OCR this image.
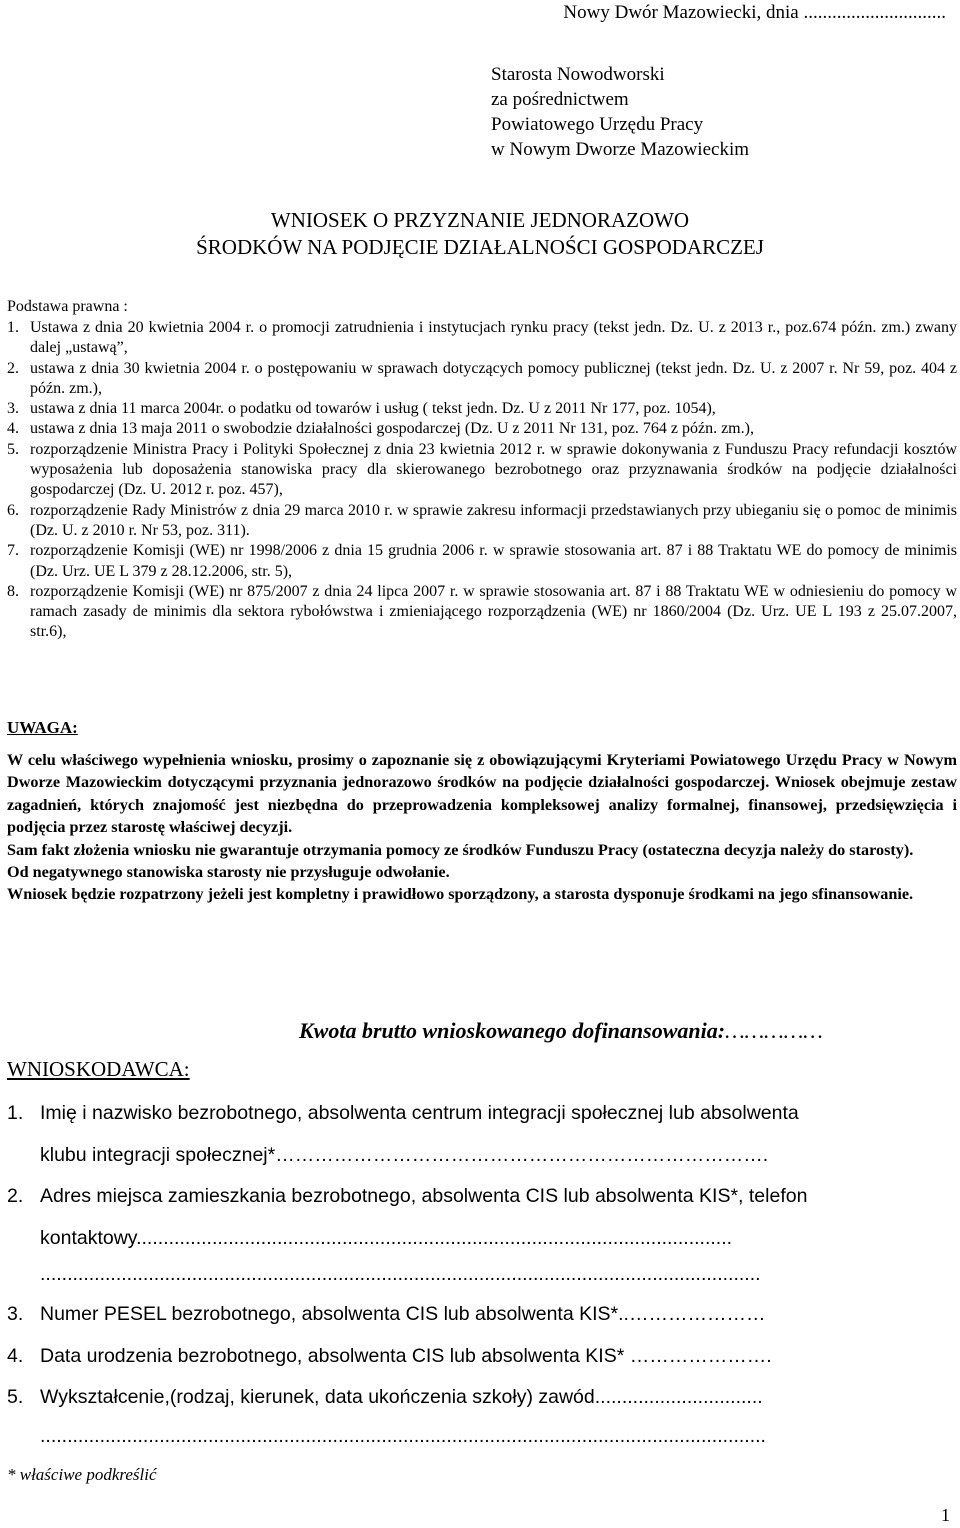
Nowy Dwór Mazowiecki, dnia ..............................
Starosta Nowodworski
za pośrednictwem
Powiatowego Urzędu Pracy
w Nowym Dworze Mazowieckim
WNIOSEK O PRZYZNANIE JEDNORAZOWO
ŚRODKÓW NA PODJĘCIE DZIAŁALNOŚCI GOSPODARCZEJ
Podstawa prawna :
1. Ustawa z dnia 20 kwietnia 2004 r. o promocji zatrudnienia i instytucjach rynku pracy (tekst jedn. Dz. U. z 2013 r., poz.674 późn. zm.) zwany dalej „ustawą”,
2. ustawa z dnia 30 kwietnia 2004 r. o postępowaniu w sprawach dotyczących pomocy publicznej (tekst jedn. Dz. U. z 2007 r. Nr 59, poz. 404 z późn. zm.),
3. ustawa z dnia 11 marca 2004r. o podatku od towarów i usług ( tekst jedn. Dz. U z 2011 Nr 177, poz. 1054),
4. ustawa z dnia 13 maja 2011 o swobodzie działalności gospodarczej (Dz. U z 2011 Nr 131, poz. 764 z późn. zm.),
5. rozporządzenie Ministra Pracy i Polityki Społecznej z dnia 23 kwietnia 2012 r. w sprawie dokonywania z Funduszu Pracy refundacji kosztów wyposażenia lub doposażenia stanowiska pracy dla skierowanego bezrobotnego oraz przyznawania środków na podjęcie działalności gospodarczej (Dz. U. 2012 r. poz. 457),
6. rozporządzenie Rady Ministrów z dnia 29 marca 2010 r. w sprawie zakresu informacji przedstawianych przy ubieganiu się o pomoc de minimis (Dz. U. z 2010 r. Nr 53, poz. 311).
7. rozporządzenie Komisji (WE) nr 1998/2006 z dnia 15 grudnia 2006 r. w sprawie stosowania art. 87 i 88 Traktatu WE do pomocy de minimis (Dz. Urz. UE L 379 z 28.12.2006, str. 5),
8. rozporządzenie Komisji (WE) nr 875/2007 z dnia 24 lipca 2007 r. w sprawie stosowania art. 87 i 88 Traktatu WE w odniesieniu do pomocy w ramach zasady de minimis dla sektora rybołówstwa i zmieniającego rozporządzenia (WE) nr 1860/2004 (Dz. Urz. UE L 193 z 25.07.2007, str.6),
UWAGA:

W celu właściwego wypełnienia wniosku, prosimy o zapoznanie się z obowiązującymi Kryteriami Powiatowego Urzędu Pracy w Nowym Dworze Mazowieckim dotyczącymi przyznania jednorazowo środków na podjęcie działalności gospodarczej. Wniosek obejmuje zestaw zagadnień, których znajomość jest niezbędna do przeprowadzenia kompleksowej analizy formalnej, finansowej, przedsięwzięcia i podjęcia przez starostę właściwej decyzji.

Sam fakt złożenia wniosku nie gwarantuje otrzymania pomocy ze środków Funduszu Pracy (ostateczna decyzja należy do starosty).

Od negatywnego stanowiska starosty nie przysługuje odwołanie.

Wniosek będzie rozpatrzony jeżeli jest kompletny i prawidłowo sporządzony, a starosta dysponuje środkami na jego sfinansowanie.

Kwota brutto wnioskowanego dofinansowania:……………
WNIOSKODAWCA:
1. Imię i nazwisko bezrobotnego, absolwenta centrum integracji społecznej lub absolwenta
klubu integracji społecznej*………………………………………………………………….
2. Adres miejsca zamieszkania bezrobotnego, absolwenta CIS lub absolwenta KIS*, telefon
kontaktowy..............................................................................................................
.....................................................................................................................................
3. Numer PESEL bezrobotnego, absolwenta CIS lub absolwenta KIS*..…………………
4. Data urodzenia bezrobotnego, absolwenta CIS lub absolwenta KIS* ………………….
5. Wykształcenie,(rodzaj, kierunek, data ukończenia szkoły) zawód...............................
......................................................................................................................................
* właściwe podkreślić
1
